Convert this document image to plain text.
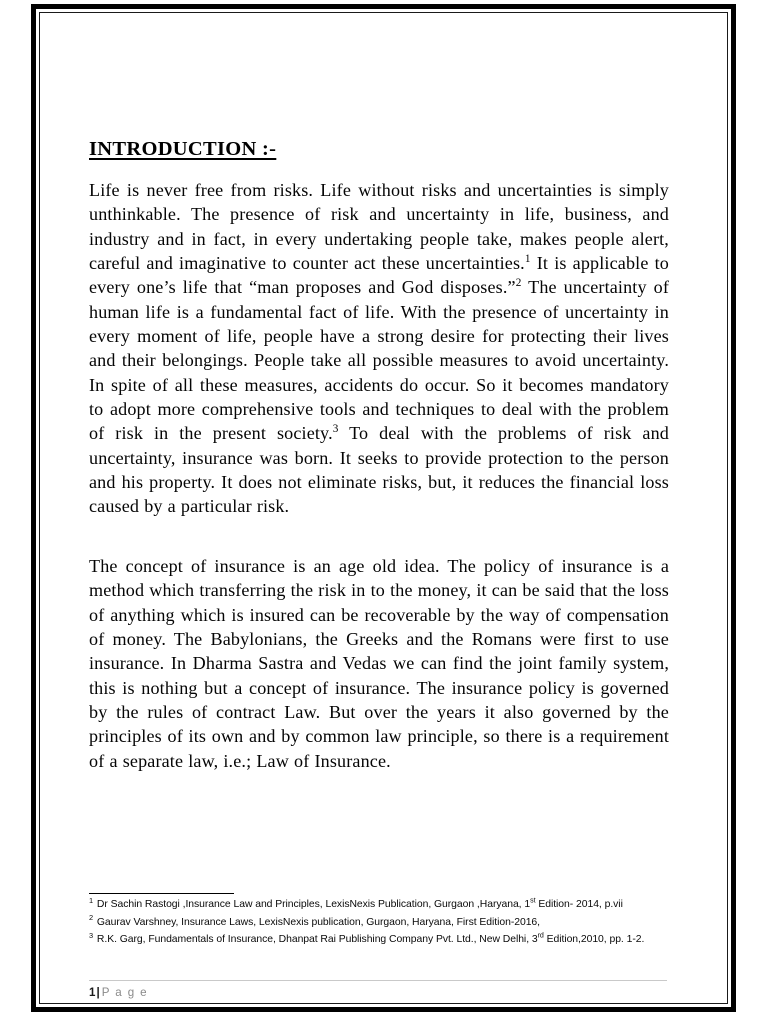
INTRODUCTION :-

Life is never free from risks. Life without risks and uncertainties is simply unthinkable. The presence of risk and uncertainty in life, business, and industry and in fact, in every undertaking people take, makes people alert, careful and imaginative to counter act these uncertainties.$^1$ It is applicable to every one’s life that “man proposes and God disposes.”$^2$ The uncertainty of human life is a fundamental fact of life. With the presence of uncertainty in every moment of life, people have a strong desire for protecting their lives and their belongings. People take all possible measures to avoid uncertainty. In spite of all these measures, accidents do occur. So it becomes mandatory to adopt more comprehensive tools and techniques to deal with the problem of risk in the present society.$^3$ To deal with the problems of risk and uncertainty, insurance was born. It seeks to provide protection to the person and his property. It does not eliminate risks, but, it reduces the financial loss caused by a particular risk.

The concept of insurance is an age old idea. The policy of insurance is a method which transferring the risk in to the money, it can be said that the loss of anything which is insured can be recoverable by the way of compensation of money. The Babylonians, the Greeks and the Romans were first to use insurance. In Dharma Sastra and Vedas we can find the joint family system, this is nothing but a concept of insurance. The insurance policy is governed by the rules of contract Law. But over the years it also governed by the principles of its own and by common law principle, so there is a requirement of a separate law, i.e.; Law of Insurance.

$^1$ Dr Sachin Rastogi ,Insurance Law and Principles, LexisNexis Publication, Gurgaon ,Haryana, 1st Edition- 2014, p.vii
$^2$ Gaurav Varshney, Insurance Laws, LexisNexis publication, Gurgaon, Haryana, First Edition-2016,
$^3$ R.K. Garg, Fundamentals of Insurance, Dhanpat Rai Publishing Company Pvt. Ltd., New Delhi, 3rd Edition,2010, pp. 1-2.
1| P a g e
